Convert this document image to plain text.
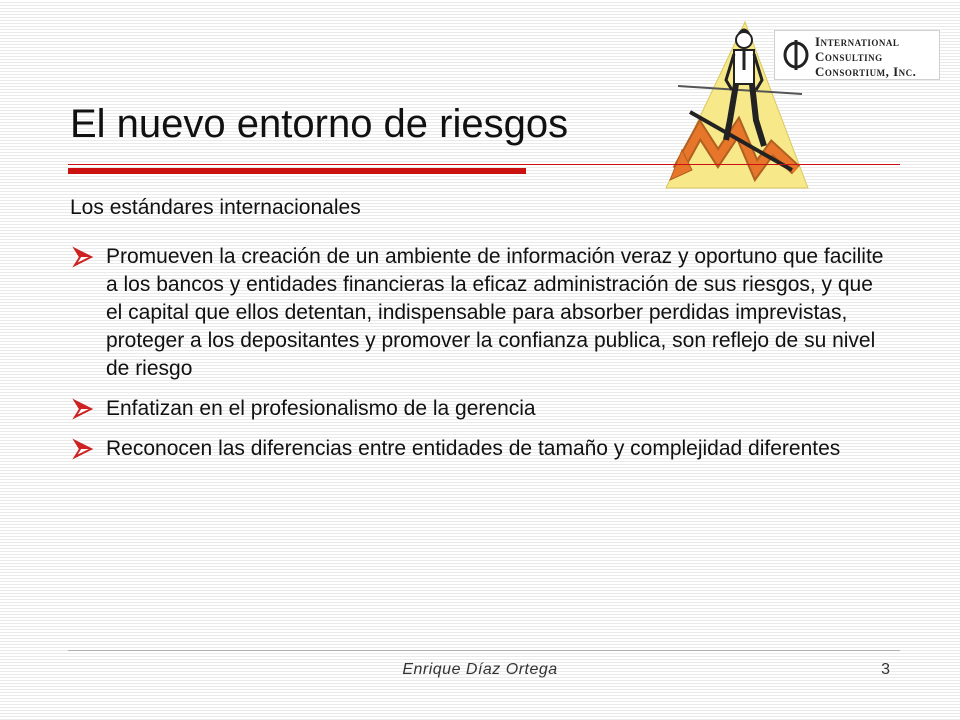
International
Consulting
Consortium, Inc.
El nuevo entorno de riesgos

Los estándares internacionales

Promueven la creación de un ambiente de información veraz y oportuno que facilite a los bancos y entidades financieras la eficaz administración de sus riesgos, y que el capital que ellos detentan, indispensable para absorber perdidas imprevistas, proteger a los depositantes y promover la confianza publica, son reflejo de su nivel de riesgo
Enfatizan en el profesionalismo de la gerencia
Reconocen las diferencias entre entidades de tamaño y complejidad diferentes
Enrique Díaz Ortega	3
